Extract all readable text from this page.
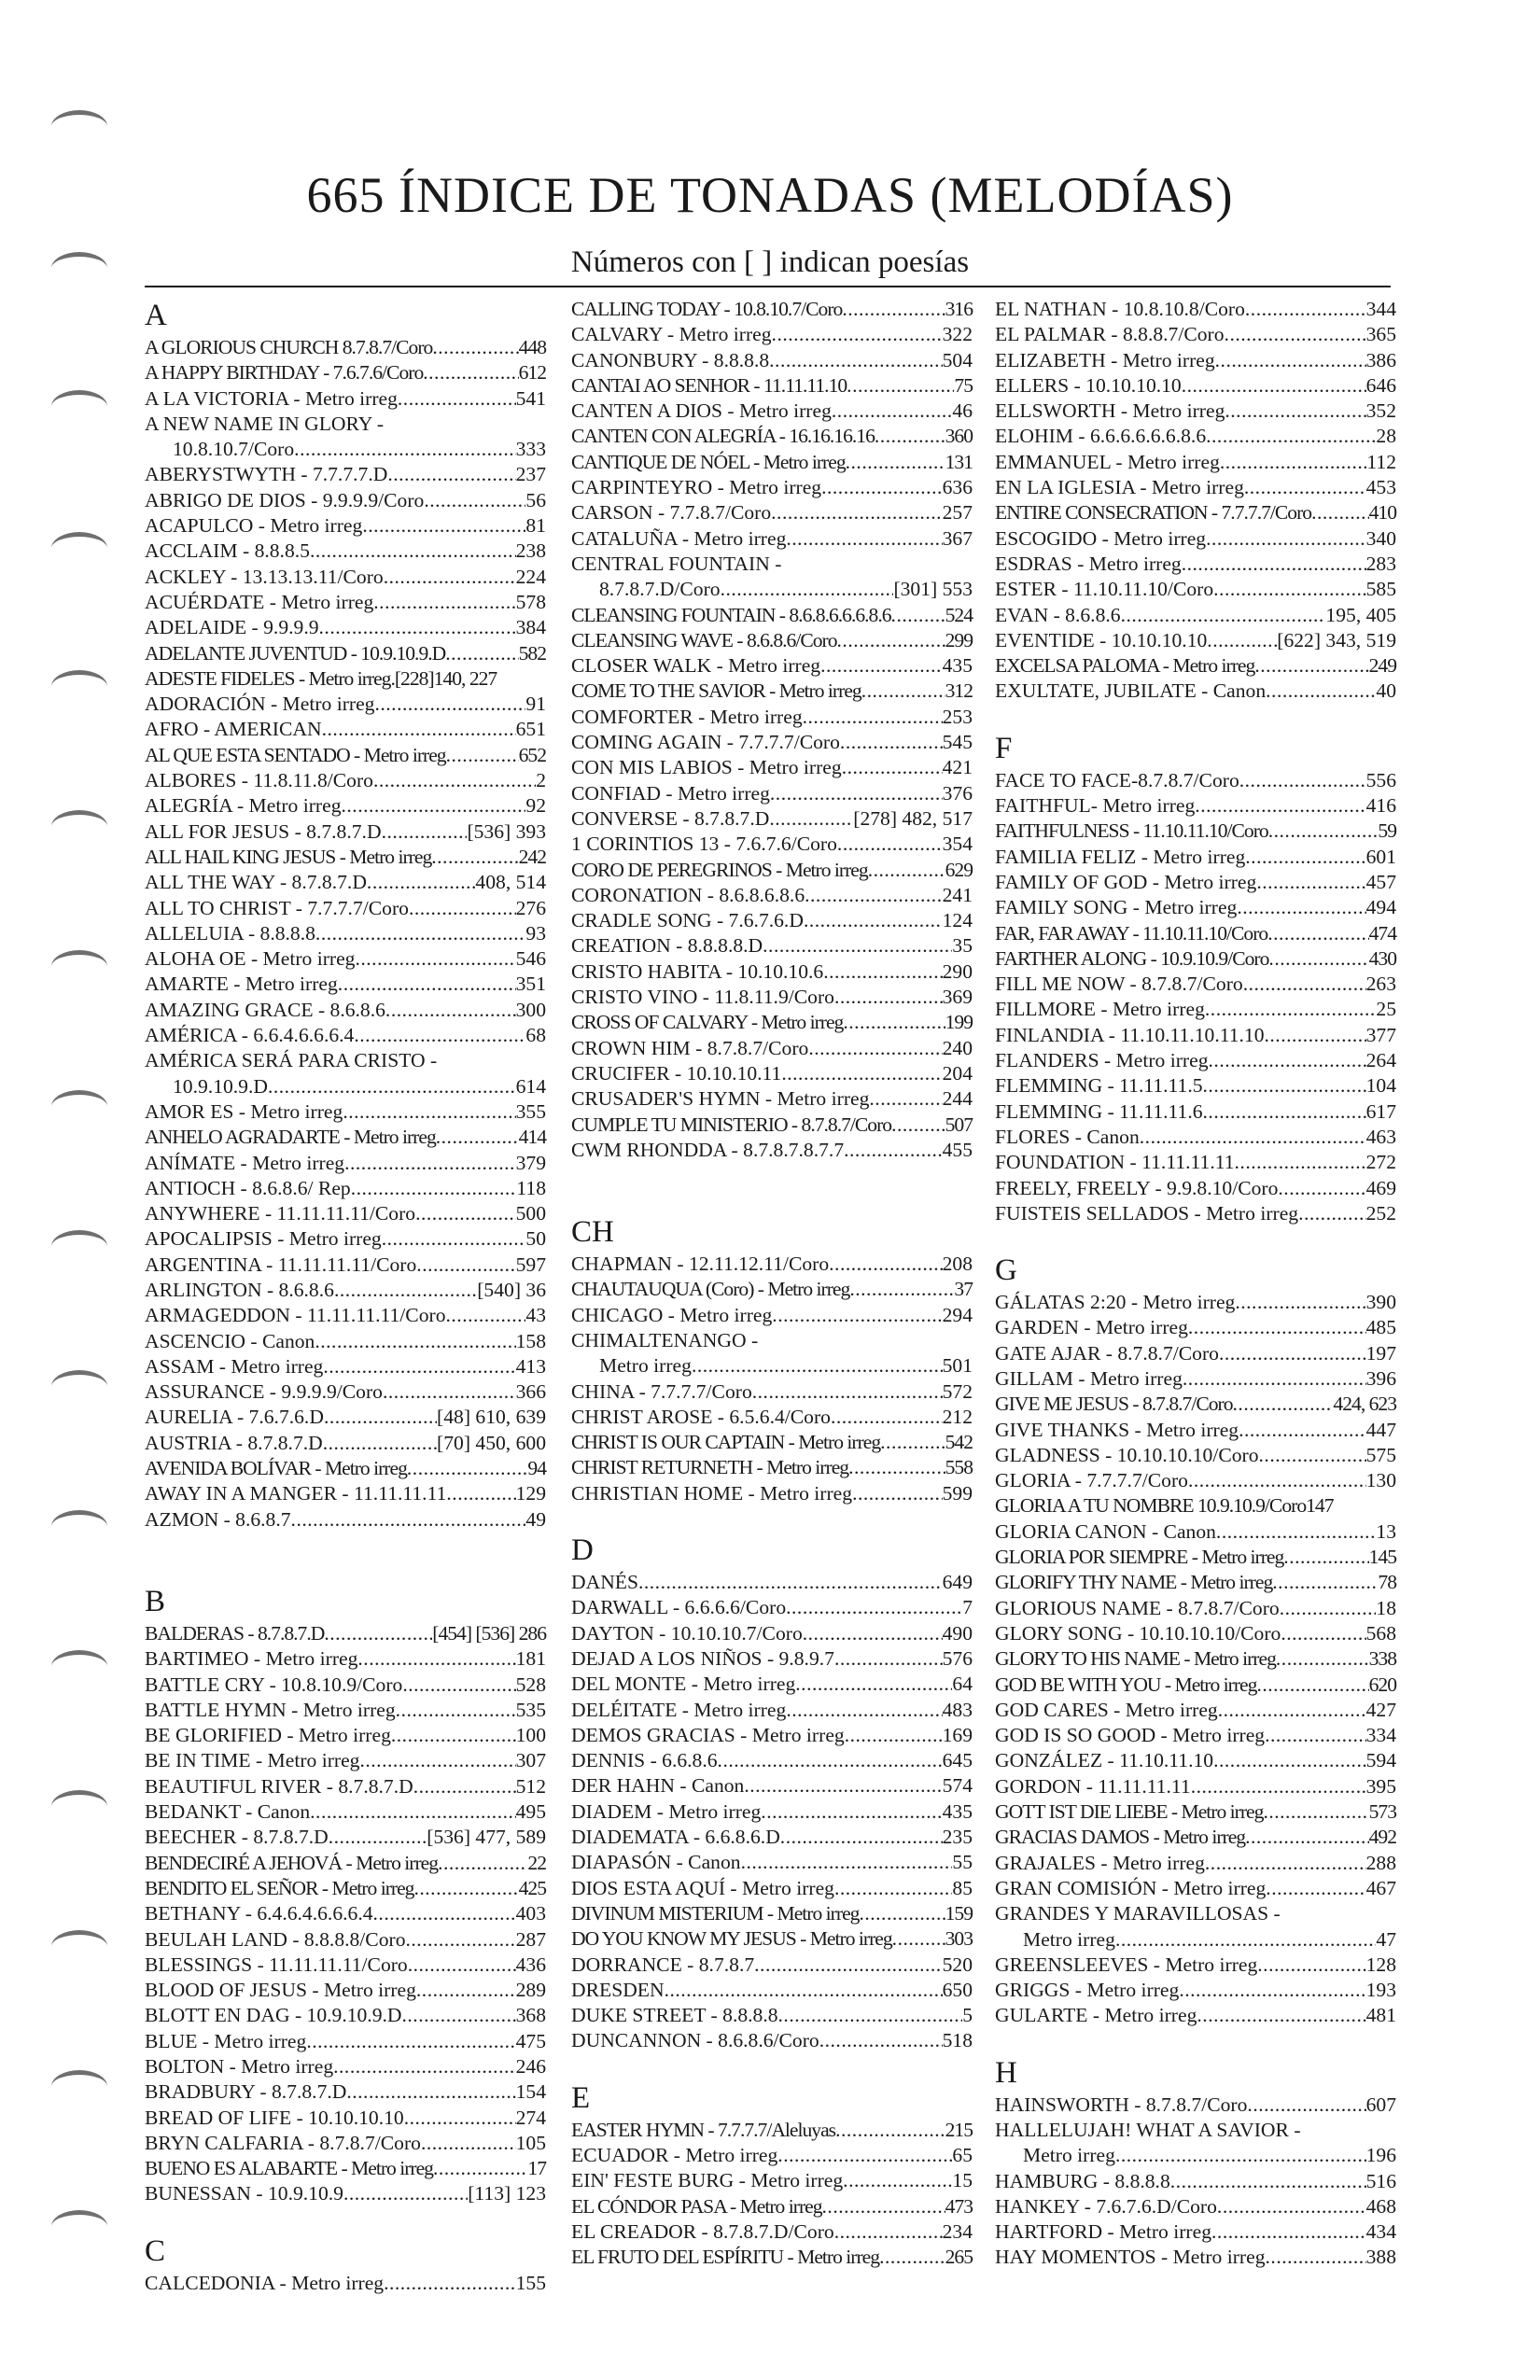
665 ÍNDICE DE TONADAS (MELODÍAS)
Números con [ ] indican poesías
A
A GLORIOUS CHURCH 8.7.8.7/Coro .....	448
A HAPPY BIRTHDAY - 7.6.7.6/Coro .....	612
A LA VICTORIA - Metro irreg .....	541
A NEW NAME IN GLORY -
10.8.10.7/Coro .....	333
ABERYSTWYTH - 7.7.7.7.D .....	237
ABRIGO DE DIOS - 9.9.9.9/Coro .....	56
ACAPULCO - Metro irreg .....	81
ACCLAIM - 8.8.8.5 .....	238
ACKLEY - 13.13.13.11/Coro .....	224
ACUÉRDATE - Metro irreg .....	578
ADELAIDE - 9.9.9.9 .....	384
ADELANTE JUVENTUD - 10.9.10.9.D .....	582
ADESTE FIDELES - Metro irreg.[228]140, 227
ADORACIÓN - Metro irreg .....	91
AFRO - AMERICAN .....	651
AL QUE ESTA SENTADO - Metro irreg .....	652
ALBORES - 11.8.11.8/Coro .....	2
ALEGRÍA - Metro irreg .....	92
ALL FOR JESUS - 8.7.8.7.D .....	[536] 393
ALL HAIL KING JESUS - Metro irreg .....	242
ALL THE WAY - 8.7.8.7.D .....	408, 514
ALL TO CHRIST - 7.7.7.7/Coro .....	276
ALLELUIA - 8.8.8.8 .....	93
ALOHA OE - Metro irreg .....	546
AMARTE - Metro irreg .....	351
AMAZING GRACE - 8.6.8.6 .....	300
AMÉRICA - 6.6.4.6.6.6.4 .....	68
AMÉRICA SERÁ PARA CRISTO -
10.9.10.9.D .....	614
AMOR ES - Metro irreg .....	355
ANHELO AGRADARTE - Metro irreg .....	414
ANÍMATE - Metro irreg .....	379
ANTIOCH - 8.6.8.6/ Rep .....	118
ANYWHERE - 11.11.11.11/Coro .....	500
APOCALIPSIS - Metro irreg .....	50
ARGENTINA - 11.11.11.11/Coro .....	597
ARLINGTON - 8.6.8.6 .....	[540] 36
ARMAGEDDON - 11.11.11.11/Coro .....	43
ASCENCIO - Canon .....	158
ASSAM - Metro irreg .....	413
ASSURANCE - 9.9.9.9/Coro .....	366
AURELIA - 7.6.7.6.D .....	[48] 610, 639
AUSTRIA - 8.7.8.7.D .....	[70] 450, 600
AVENIDA BOLÍVAR - Metro irreg .....	94
AWAY IN A MANGER - 11.11.11.11 .....	129
AZMON - 8.6.8.7 .....	49
B
BALDERAS - 8.7.8.7.D .....	[454] [536] 286
BARTIMEO - Metro irreg .....	181
BATTLE CRY - 10.8.10.9/Coro .....	528
BATTLE HYMN - Metro irreg .....	535
BE GLORIFIED - Metro irreg .....	100
BE IN TIME - Metro irreg .....	307
BEAUTIFUL RIVER - 8.7.8.7.D .....	512
BEDANKT - Canon .....	495
BEECHER - 8.7.8.7.D .....	[536] 477, 589
BENDECIRÉ A JEHOVÁ - Metro irreg .....	22
BENDITO EL SEÑOR - Metro irreg .....	425
BETHANY - 6.4.6.4.6.6.6.4 .....	403
BEULAH LAND - 8.8.8.8/Coro .....	287
BLESSINGS - 11.11.11.11/Coro .....	436
BLOOD OF JESUS - Metro irreg .....	289
BLOTT EN DAG - 10.9.10.9.D .....	368
BLUE - Metro irreg .....	475
BOLTON - Metro irreg .....	246
BRADBURY - 8.7.8.7.D .....	154
BREAD OF LIFE - 10.10.10.10 .....	274
BRYN CALFARIA - 8.7.8.7/Coro .....	105
BUENO ES ALABARTE - Metro irreg .....	17
BUNESSAN - 10.9.10.9 .....	[113] 123
C
CALCEDONIA - Metro irreg .....	155
CALLING TODAY - 10.8.10.7/Coro .....	316
CALVARY - Metro irreg .....	322
CANONBURY - 8.8.8.8 .....	504
CANTAI AO SENHOR - 11.11.11.10 .....	75
CANTEN A DIOS - Metro irreg .....	46
CANTEN CON ALEGRÍA - 16.16.16.16 .....	360
CANTIQUE DE NÓEL - Metro irreg .....	131
CARPINTEYRO - Metro irreg .....	636
CARSON - 7.7.8.7/Coro .....	257
CATALUÑA - Metro irreg .....	367
CENTRAL FOUNTAIN -
8.7.8.7.D/Coro .....	[301] 553
CLEANSING FOUNTAIN - 8.6.8.6.6.6.8.6 .....	524
CLEANSING WAVE - 8.6.8.6/Coro .....	299
CLOSER WALK - Metro irreg .....	435
COME TO THE SAVIOR - Metro irreg .....	312
COMFORTER - Metro irreg .....	253
COMING AGAIN - 7.7.7.7/Coro .....	545
CON MIS LABIOS - Metro irreg .....	421
CONFIAD - Metro irreg .....	376
CONVERSE - 8.7.8.7.D .....	[278] 482, 517
1 CORINTIOS 13 - 7.6.7.6/Coro .....	354
CORO DE PEREGRINOS - Metro irreg .....	629
CORONATION - 8.6.8.6.8.6 .....	241
CRADLE SONG - 7.6.7.6.D .....	124
CREATION - 8.8.8.8.D .....	35
CRISTO HABITA - 10.10.10.6 .....	290
CRISTO VINO - 11.8.11.9/Coro .....	369
CROSS OF CALVARY - Metro irreg .....	199
CROWN HIM - 8.7.8.7/Coro .....	240
CRUCIFER - 10.10.10.11 .....	204
CRUSADER'S HYMN - Metro irreg .....	244
CUMPLE TU MINISTERIO - 8.7.8.7/Coro .....	507
CWM RHONDDA - 8.7.8.7.8.7.7 .....	455
CH
CHAPMAN - 12.11.12.11/Coro .....	208
CHAUTAUQUA (Coro) - Metro irreg .....	37
CHICAGO - Metro irreg .....	294
CHIMALTENANGO -
Metro irreg .....	501
CHINA - 7.7.7.7/Coro .....	572
CHRIST AROSE - 6.5.6.4/Coro .....	212
CHRIST IS OUR CAPTAIN - Metro irreg .....	542
CHRIST RETURNETH - Metro irreg .....	558
CHRISTIAN HOME - Metro irreg .....	599
D
DANÉS .....	649
DARWALL - 6.6.6.6/Coro .....	7
DAYTON - 10.10.10.7/Coro .....	490
DEJAD A LOS NIÑOS - 9.8.9.7 .....	576
DEL MONTE - Metro irreg .....	64
DELÉITATE - Metro irreg .....	483
DEMOS GRACIAS - Metro irreg .....	169
DENNIS - 6.6.8.6 .....	645
DER HAHN - Canon .....	574
DIADEM - Metro irreg .....	435
DIADEMATA - 6.6.8.6.D .....	235
DIAPASÓN - Canon .....	55
DIOS ESTA AQUÍ - Metro irreg .....	85
DIVINUM MISTERIUM - Metro irreg .....	159
DO YOU KNOW MY JESUS - Metro irreg .....	303
DORRANCE - 8.7.8.7 .....	520
DRESDEN .....	650
DUKE STREET - 8.8.8.8 .....	5
DUNCANNON - 8.6.8.6/Coro .....	518
E
EASTER HYMN - 7.7.7.7/Aleluyas .....	215
ECUADOR - Metro irreg .....	65
EIN' FESTE BURG - Metro irreg .....	15
EL CÓNDOR PASA - Metro irreg .....	473
EL CREADOR - 8.7.8.7.D/Coro .....	234
EL FRUTO DEL ESPÍRITU - Metro irreg .....	265
EL NATHAN - 10.8.10.8/Coro .....	344
EL PALMAR - 8.8.8.7/Coro .....	365
ELIZABETH - Metro irreg .....	386
ELLERS - 10.10.10.10 .....	646
ELLSWORTH - Metro irreg .....	352
ELOHIM - 6.6.6.6.6.6.8.6 .....	28
EMMANUEL - Metro irreg .....	112
EN LA IGLESIA - Metro irreg .....	453
ENTIRE CONSECRATION - 7.7.7.7/Coro .....	410
ESCOGIDO - Metro irreg .....	340
ESDRAS - Metro irreg .....	283
ESTER - 11.10.11.10/Coro .....	585
EVAN - 8.6.8.6 .....	195, 405
EVENTIDE - 10.10.10.10 .....	[622] 343, 519
EXCELSA PALOMA - Metro irreg .....	249
EXULTATE, JUBILATE - Canon .....	40
F
FACE TO FACE-8.7.8.7/Coro .....	556
FAITHFUL- Metro irreg .....	416
FAITHFULNESS - 11.10.11.10/Coro .....	59
FAMILIA FELIZ - Metro irreg .....	601
FAMILY OF GOD - Metro irreg .....	457
FAMILY SONG - Metro irreg .....	494
FAR, FAR AWAY - 11.10.11.10/Coro .....	474
FARTHER ALONG - 10.9.10.9/Coro .....	430
FILL ME NOW - 8.7.8.7/Coro .....	263
FILLMORE - Metro irreg .....	25
FINLANDIA - 11.10.11.10.11.10 .....	377
FLANDERS - Metro irreg .....	264
FLEMMING - 11.11.11.5 .....	104
FLEMMING - 11.11.11.6 .....	617
FLORES - Canon .....	463
FOUNDATION - 11.11.11.11 .....	272
FREELY, FREELY - 9.9.8.10/Coro .....	469
FUISTEIS SELLADOS - Metro irreg .....	252
G
GÁLATAS 2:20 - Metro irreg .....	390
GARDEN - Metro irreg .....	485
GATE AJAR - 8.7.8.7/Coro .....	197
GILLAM - Metro irreg .....	396
GIVE ME JESUS - 8.7.8.7/Coro .....	424, 623
GIVE THANKS - Metro irreg .....	447
GLADNESS - 10.10.10.10/Coro .....	575
GLORIA - 7.7.7.7/Coro .....	130
GLORIA A TU NOMBRE 10.9.10.9/Coro147
GLORIA CANON - Canon .....	13
GLORIA POR SIEMPRE - Metro irreg .....	145
GLORIFY THY NAME - Metro irreg .....	78
GLORIOUS NAME - 8.7.8.7/Coro .....	18
GLORY SONG - 10.10.10.10/Coro .....	568
GLORY TO HIS NAME - Metro irreg .....	338
GOD BE WITH YOU - Metro irreg .....	620
GOD CARES - Metro irreg .....	427
GOD IS SO GOOD - Metro irreg .....	334
GONZÁLEZ - 11.10.11.10 .....	594
GORDON - 11.11.11.11 .....	395
GOTT IST DIE LIEBE - Metro irreg .....	573
GRACIAS DAMOS - Metro irreg .....	492
GRAJALES - Metro irreg .....	288
GRAN COMISIÓN - Metro irreg .....	467
GRANDES Y MARAVILLOSAS -
Metro irreg .....	47
GREENSLEEVES - Metro irreg .....	128
GRIGGS - Metro irreg .....	193
GULARTE - Metro irreg .....	481
H
HAINSWORTH - 8.7.8.7/Coro .....	607
HALLELUJAH! WHAT A SAVIOR -
Metro irreg .....	196
HAMBURG - 8.8.8.8 .....	516
HANKEY - 7.6.7.6.D/Coro .....	468
HARTFORD - Metro irreg .....	434
HAY MOMENTOS - Metro irreg .....	388
